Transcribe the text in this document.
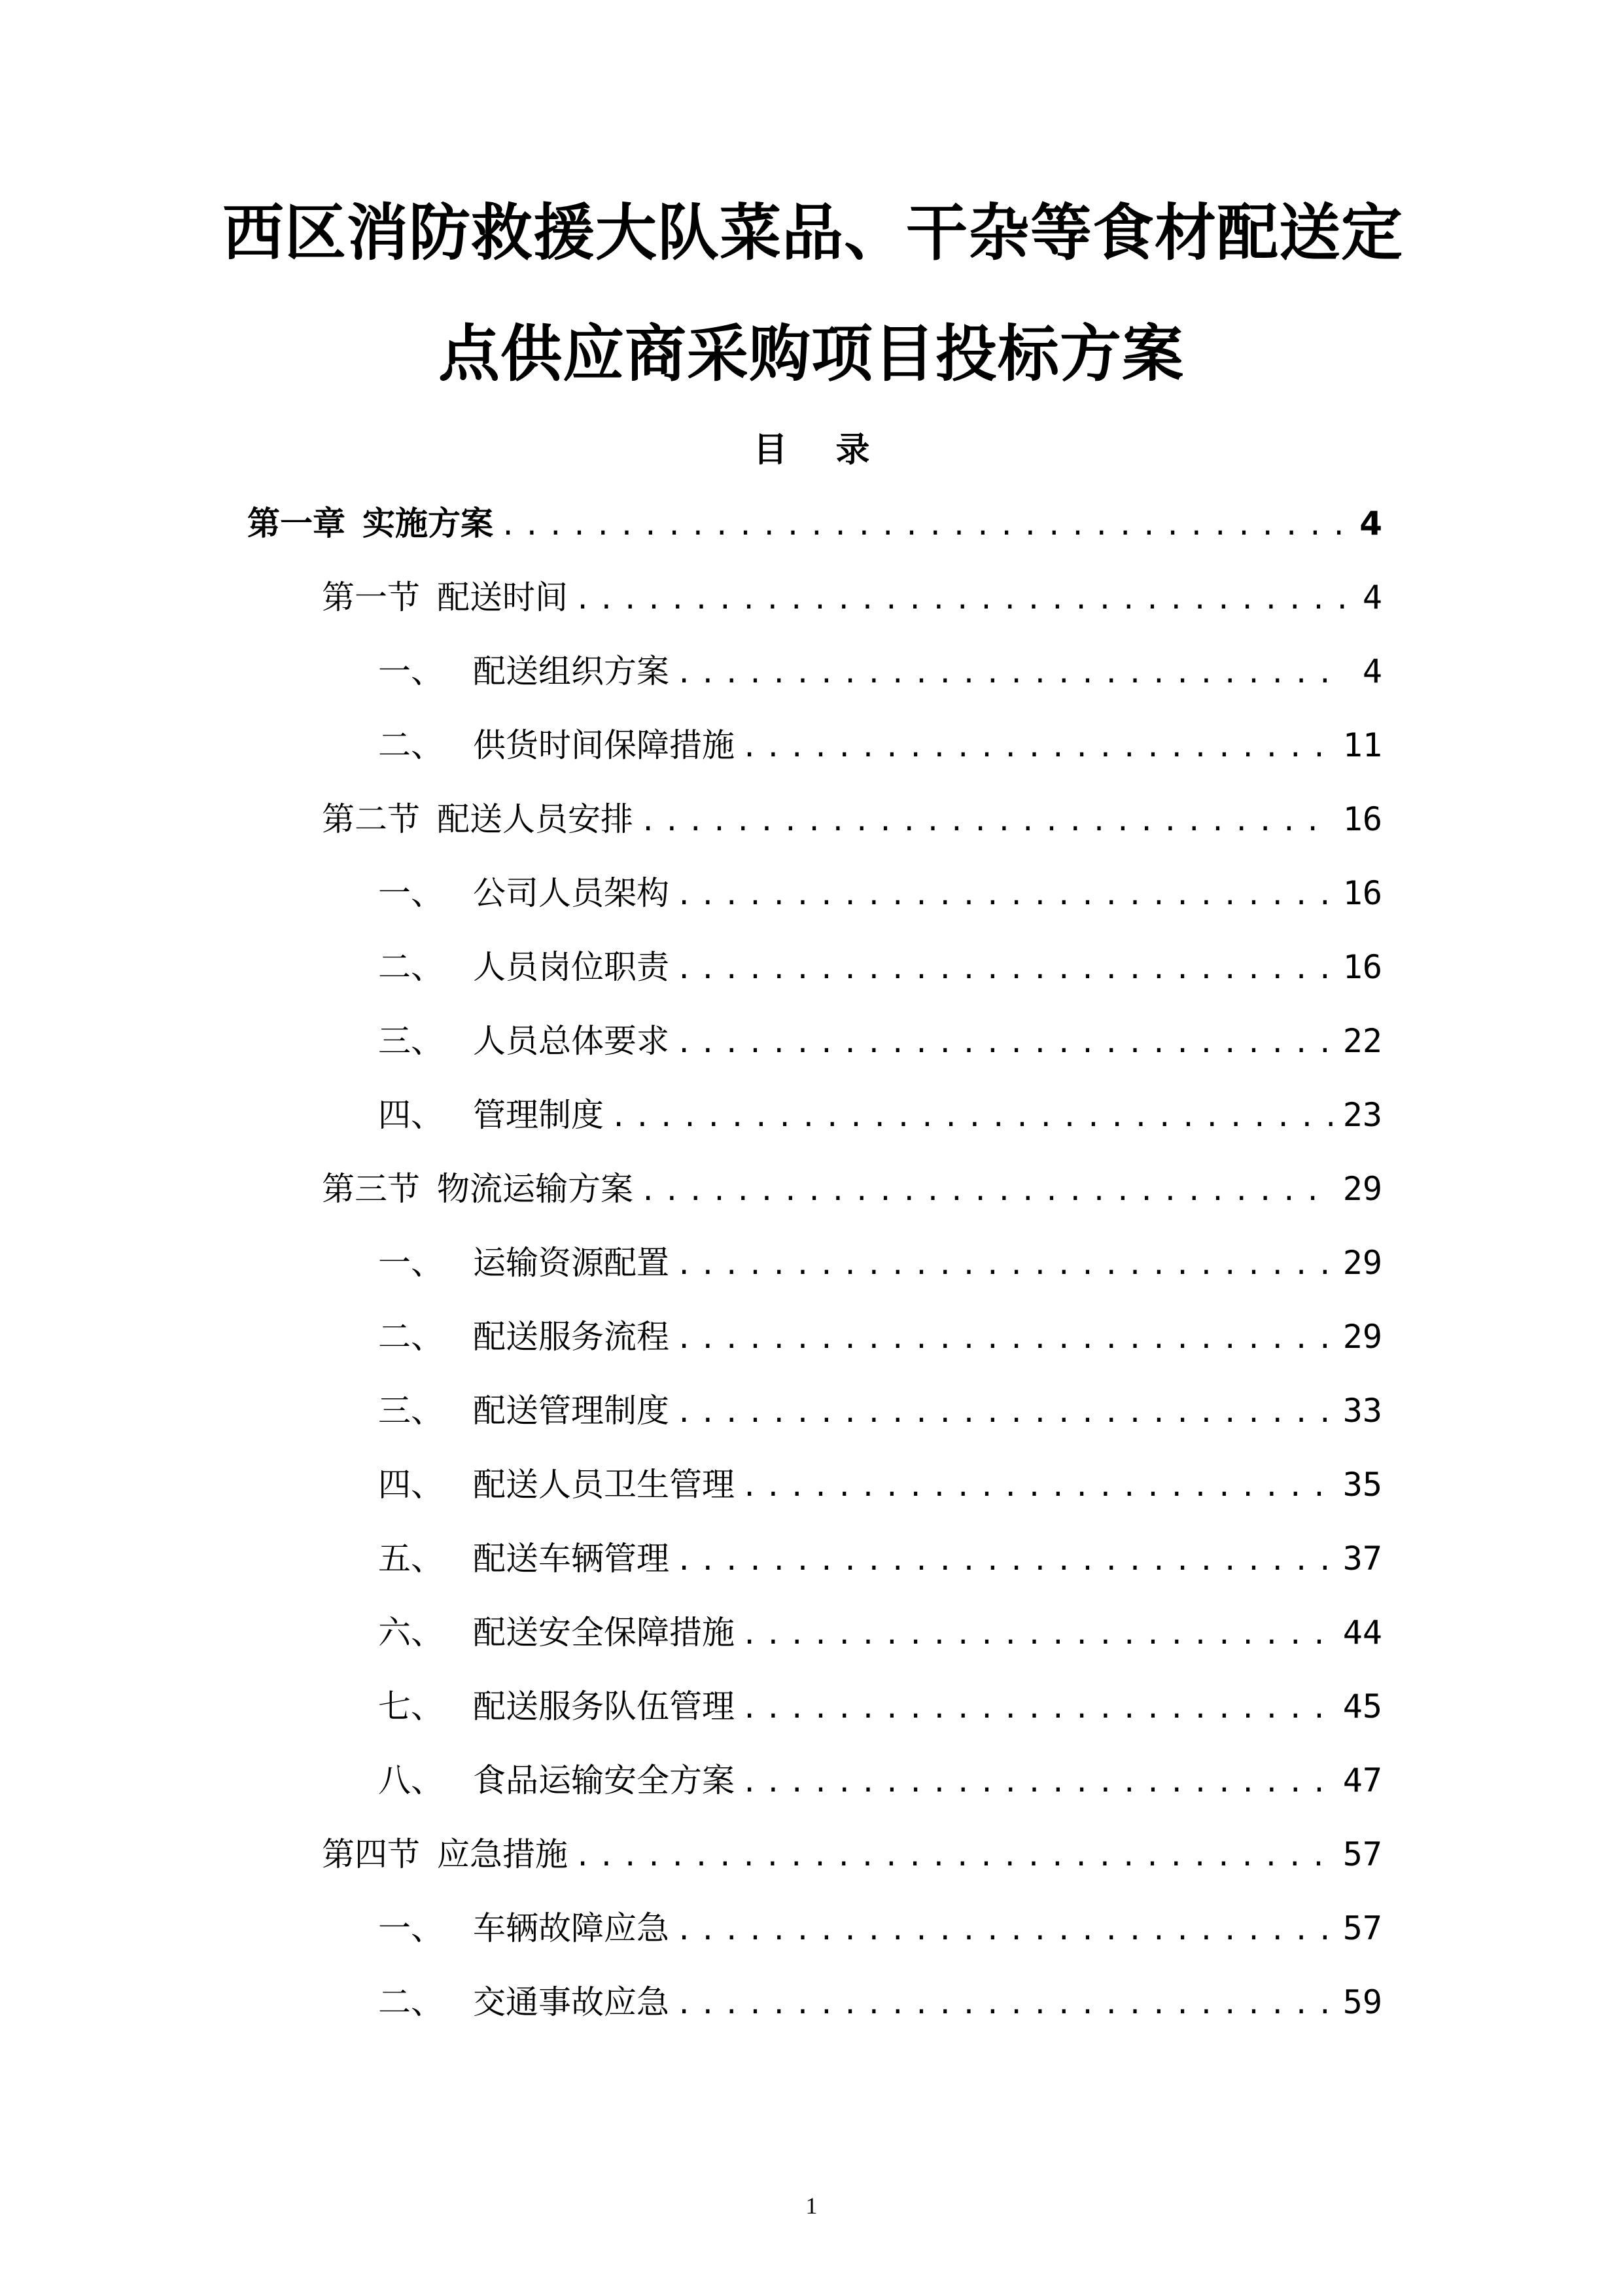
西区消防救援大队菜品、干杂等食材配送定
点供应商采购项目投标方案
目 录
第一章 实施方案 .....	4
第一节 配送时间 .....	4
一、 配送组织方案 .....	4
二、 供货时间保障措施 .....	11
第二节 配送人员安排 .....	16
一、 公司人员架构 .....	16
二、 人员岗位职责 .....	16
三、 人员总体要求 .....	22
四、 管理制度 .....	23
第三节 物流运输方案 .....	29
一、 运输资源配置 .....	29
二、 配送服务流程 .....	29
三、 配送管理制度 .....	33
四、 配送人员卫生管理 .....	35
五、 配送车辆管理 .....	37
六、 配送安全保障措施 .....	44
七、 配送服务队伍管理 .....	45
八、 食品运输安全方案 .....	47
第四节 应急措施 .....	57
一、 车辆故障应急 .....	57
二、 交通事故应急 .....	59
1
